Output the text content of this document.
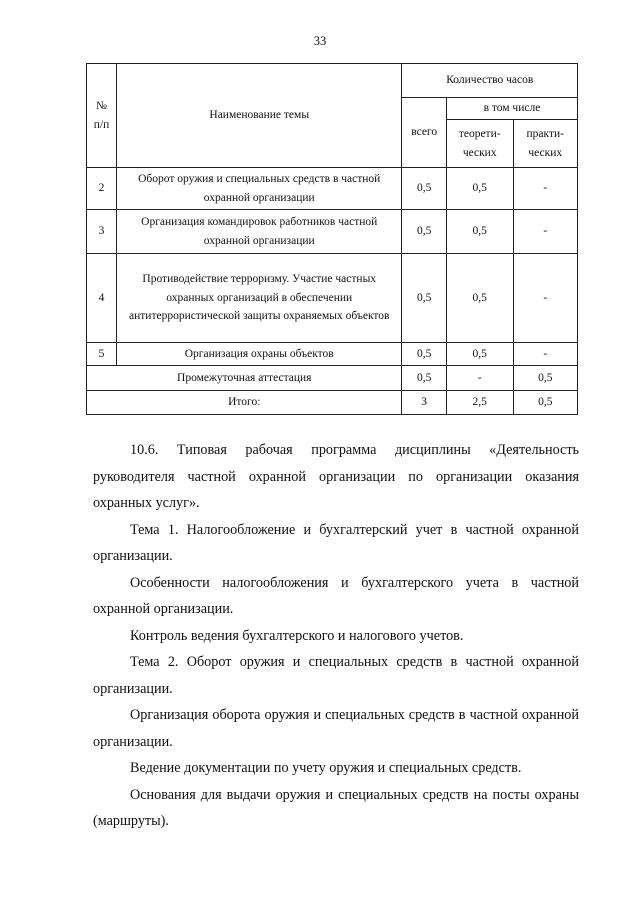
33
№ п/п	Наименование темы	Количество часов		
		всего	в том числе	
			теорети-ческих	практи-ческих
2	Оборот оружия и специальных средств в частной охранной организации	0,5	0,5	-
3	Организация командировок работников частной охранной организации	0,5	0,5	-
4	Противодействие терроризму. Участие частных охранных организаций в обеспечении антитеррористической защиты охраняемых объектов	0,5	0,5	-
5	Организация охраны объектов	0,5	0,5	-
Промежуточная аттестация		0,5	-	0,5
Итого:		3	2,5	0,5

10.6. Типовая рабочая программа дисциплины «Деятельность руководителя частной охранной организации по организации оказания охранных услуг».

Тема 1. Налогообложение и бухгалтерский учет в частной охранной организации.

Особенности налогообложения и бухгалтерского учета в частной охранной организации.

Контроль ведения бухгалтерского и налогового учетов.

Тема 2. Оборот оружия и специальных средств в частной охранной организации.

Организация оборота оружия и специальных средств в частной охранной организации.

Ведение документации по учету оружия и специальных средств.

Основания для выдачи оружия и специальных средств на посты охраны (маршруты).
